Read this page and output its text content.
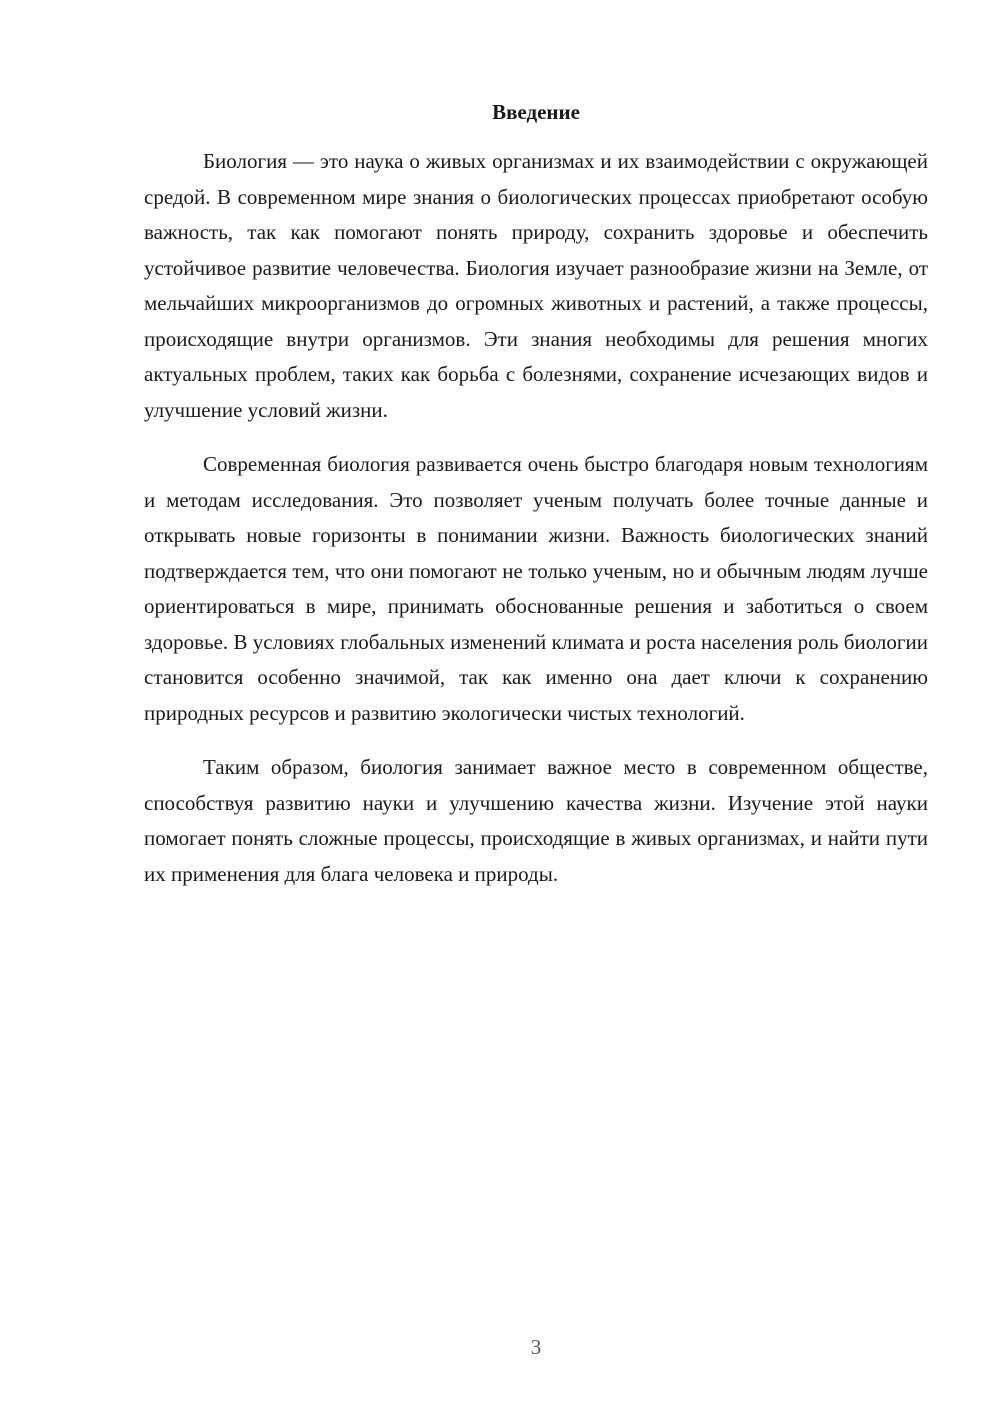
Введение

Биология — это наука о живых организмах и их взаимодействии с окружающей средой. В современном мире знания о биологических процессах приобретают особую важность, так как помогают понять природу, сохранить здоровье и обеспечить устойчивое развитие человечества. Биология изучает разнообразие жизни на Земле, от мельчайших микроорганизмов до огромных животных и растений, а также процессы, происходящие внутри организмов. Эти знания необходимы для решения многих актуальных проблем, таких как борьба с болезнями, сохранение исчезающих видов и улучшение условий жизни.

Современная биология развивается очень быстро благодаря новым технологиям и методам исследования. Это позволяет ученым получать более точные данные и открывать новые горизонты в понимании жизни. Важность биологических знаний подтверждается тем, что они помогают не только ученым, но и обычным людям лучше ориентироваться в мире, принимать обоснованные решения и заботиться о своем здоровье. В условиях глобальных изменений климата и роста населения роль биологии становится особенно значимой, так как именно она дает ключи к сохранению природных ресурсов и развитию экологически чистых технологий.

Таким образом, биология занимает важное место в современном обществе, способствуя развитию науки и улучшению качества жизни. Изучение этой науки помогает понять сложные процессы, происходящие в живых организмах, и найти пути их применения для блага человека и природы.

3
